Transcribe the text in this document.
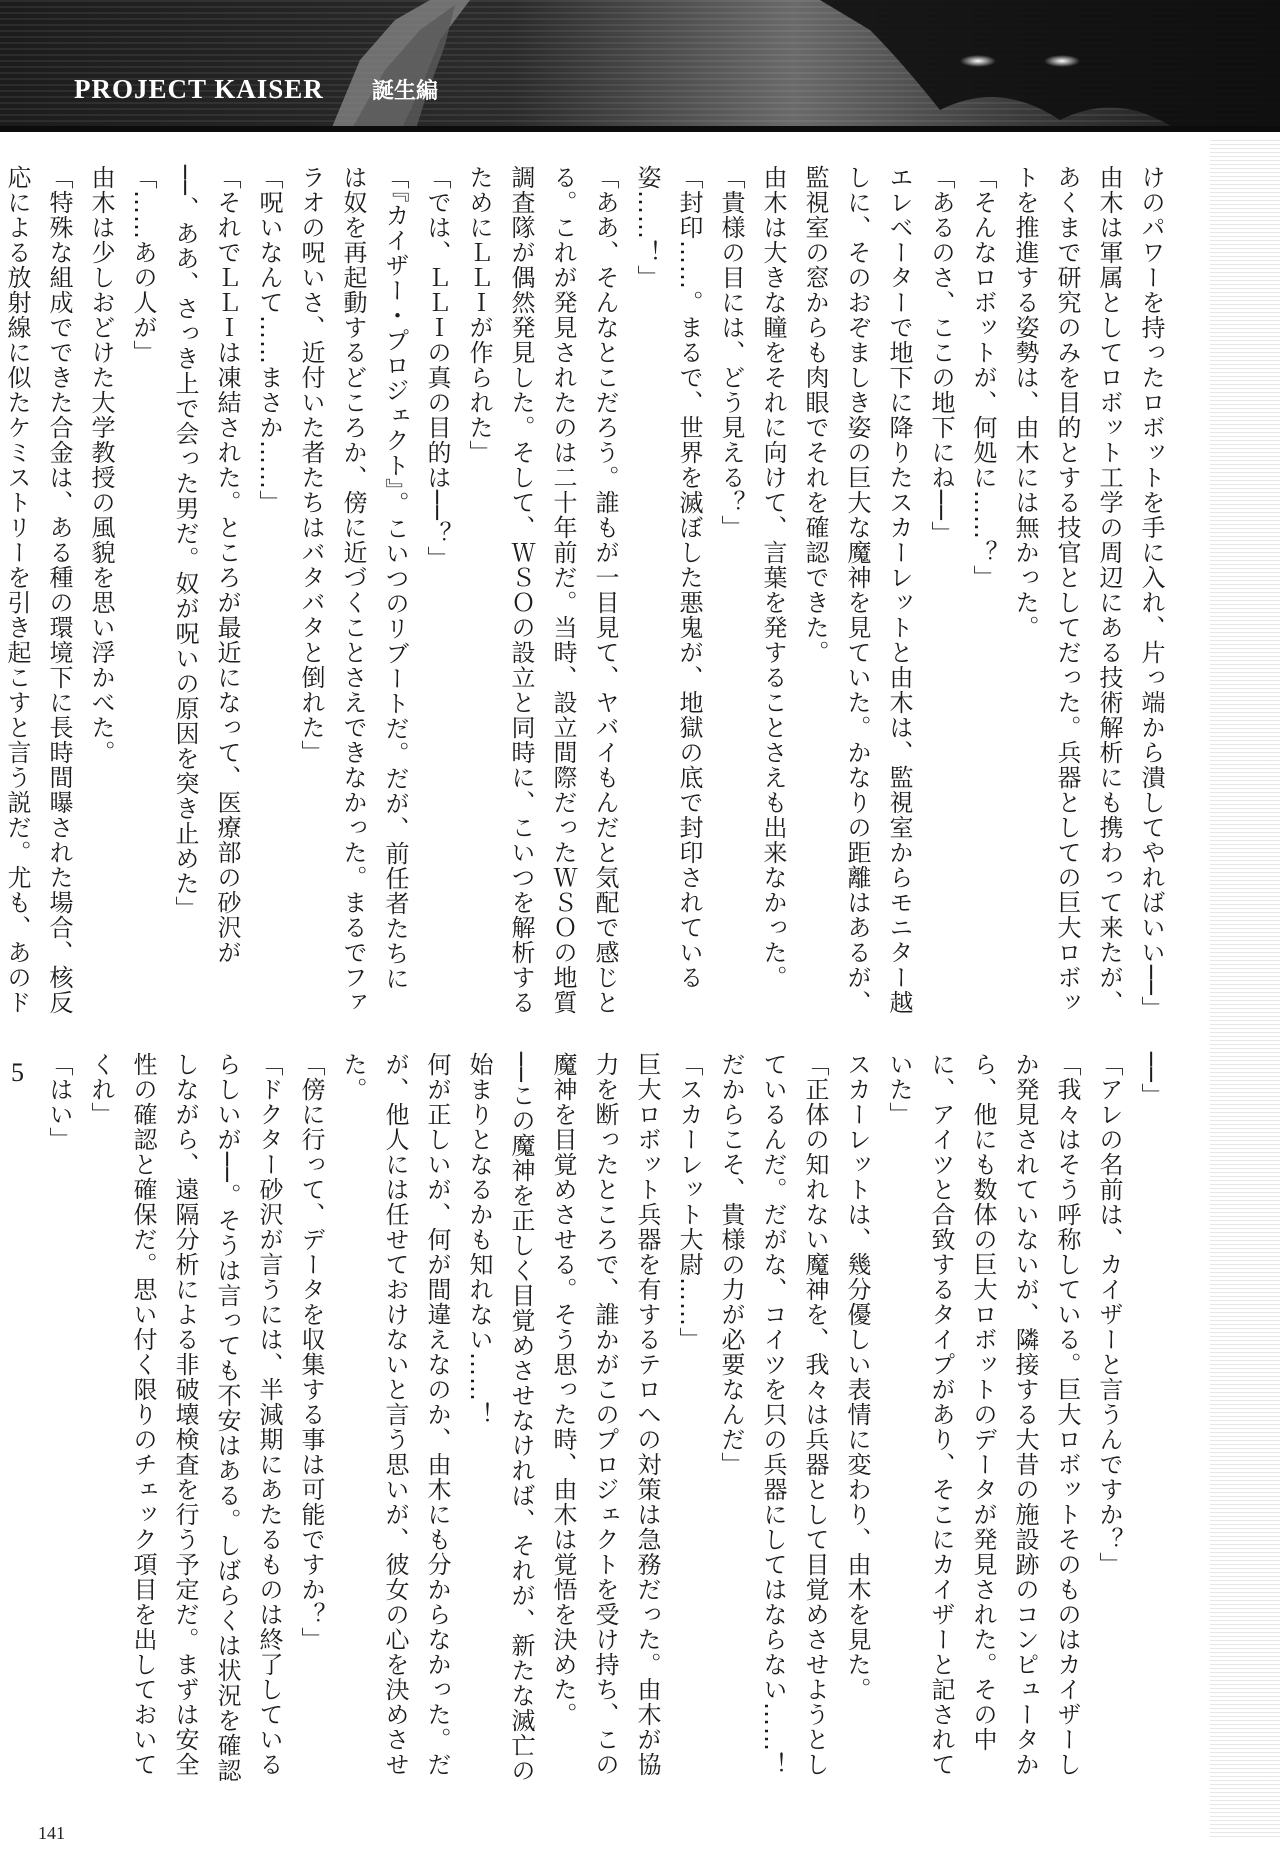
PROJECT KAISER 誕生編

けのパワーを持ったロボットを手に入れ、片っ端から潰してやればいい──」

由木は軍属としてロボット工学の周辺にある技術解析にも携わって来たが、あくまで研究のみを目的とする技官としてだった。兵器としての巨大ロボットを推進する姿勢は、由木には無かった。

「そんなロボットが、何処に……？」

「あるのさ、ここの地下にね──」

エレベーターで地下に降りたスカーレットと由木は、監視室からモニター越しに、そのおぞましき姿の巨大な魔神を見ていた。かなりの距離はあるが、監視室の窓からも肉眼でそれを確認できた。

由木は大きな瞳をそれに向けて、言葉を発することさえも出来なかった。

「貴様の目には、どう見える？」

「封印……。まるで、世界を滅ぼした悪鬼が、地獄の底で封印されている姿……！」

「ああ、そんなとこだろう。誰もが一目見て、ヤバイもんだと気配で感じとる。これが発見されたのは二十年前だ。当時、設立間際だったＷＳＯの地質調査隊が偶然発見した。そして、ＷＳＯの設立と同時に、こいつを解析するためにＬＬＩが作られた」

「では、ＬＬＩの真の目的は──？」

「『カイザー・プロジェクト』。こいつのリブートだ。だが、前任者たちには奴を再起動するどころか、傍に近づくことさえできなかった。まるでファラオの呪いさ、近付いた者たちはバタバタと倒れた」

「呪いなんて……まさか……」

「それでＬＬＩは凍結された。ところが最近になって、医療部の砂沢が──、ああ、さっき上で会った男だ。奴が呪いの原因を突き止めた」

「……あの人が」

由木は少しおどけた大学教授の風貌を思い浮かべた。

「特殊な組成でできた合金は、ある種の環境下に長時間曝された場合、核反応による放射線に似たケミストリーを引き起こすと言う説だ。尤も、あのド

──」

「アレの名前は、カイザーと言うんですか？」

「我々はそう呼称している。巨大ロボットそのものはカイザーしか発見されていないが、隣接する大昔の施設跡のコンピュータから、他にも数体の巨大ロボットのデータが発見された。その中に、アイツと合致するタイプがあり、そこにカイザーと記されていた」

スカーレットは、幾分優しい表情に変わり、由木を見た。

「正体の知れない魔神を、我々は兵器として目覚めさせようとしているんだ。だがな、コイツを只の兵器にしてはならない……！　だからこそ、貴様の力が必要なんだ」

「スカーレット大尉……」

巨大ロボット兵器を有するテロへの対策は急務だった。由木が協力を断ったところで、誰かがこのプロジェクトを受け持ち、この魔神を目覚めさせる。そう思った時、由木は覚悟を決めた。

──この魔神を正しく目覚めさせなければ、それが、新たな滅亡の始まりとなるかも知れない……！

何が正しいが、何が間違えなのか、由木にも分からなかった。だが、他人には任せておけないと言う思いが、彼女の心を決めさせた。

「傍に行って、データを収集する事は可能ですか？」

「ドクター砂沢が言うには、半減期にあたるものは終了しているらしいが──。そうは言っても不安はある。しばらくは状況を確認しながら、遠隔分析による非破壊検査を行う予定だ。まずは安全性の確認と確保だ。思い付く限りのチェック項目を出しておいてくれ」

「はい」

5

141
